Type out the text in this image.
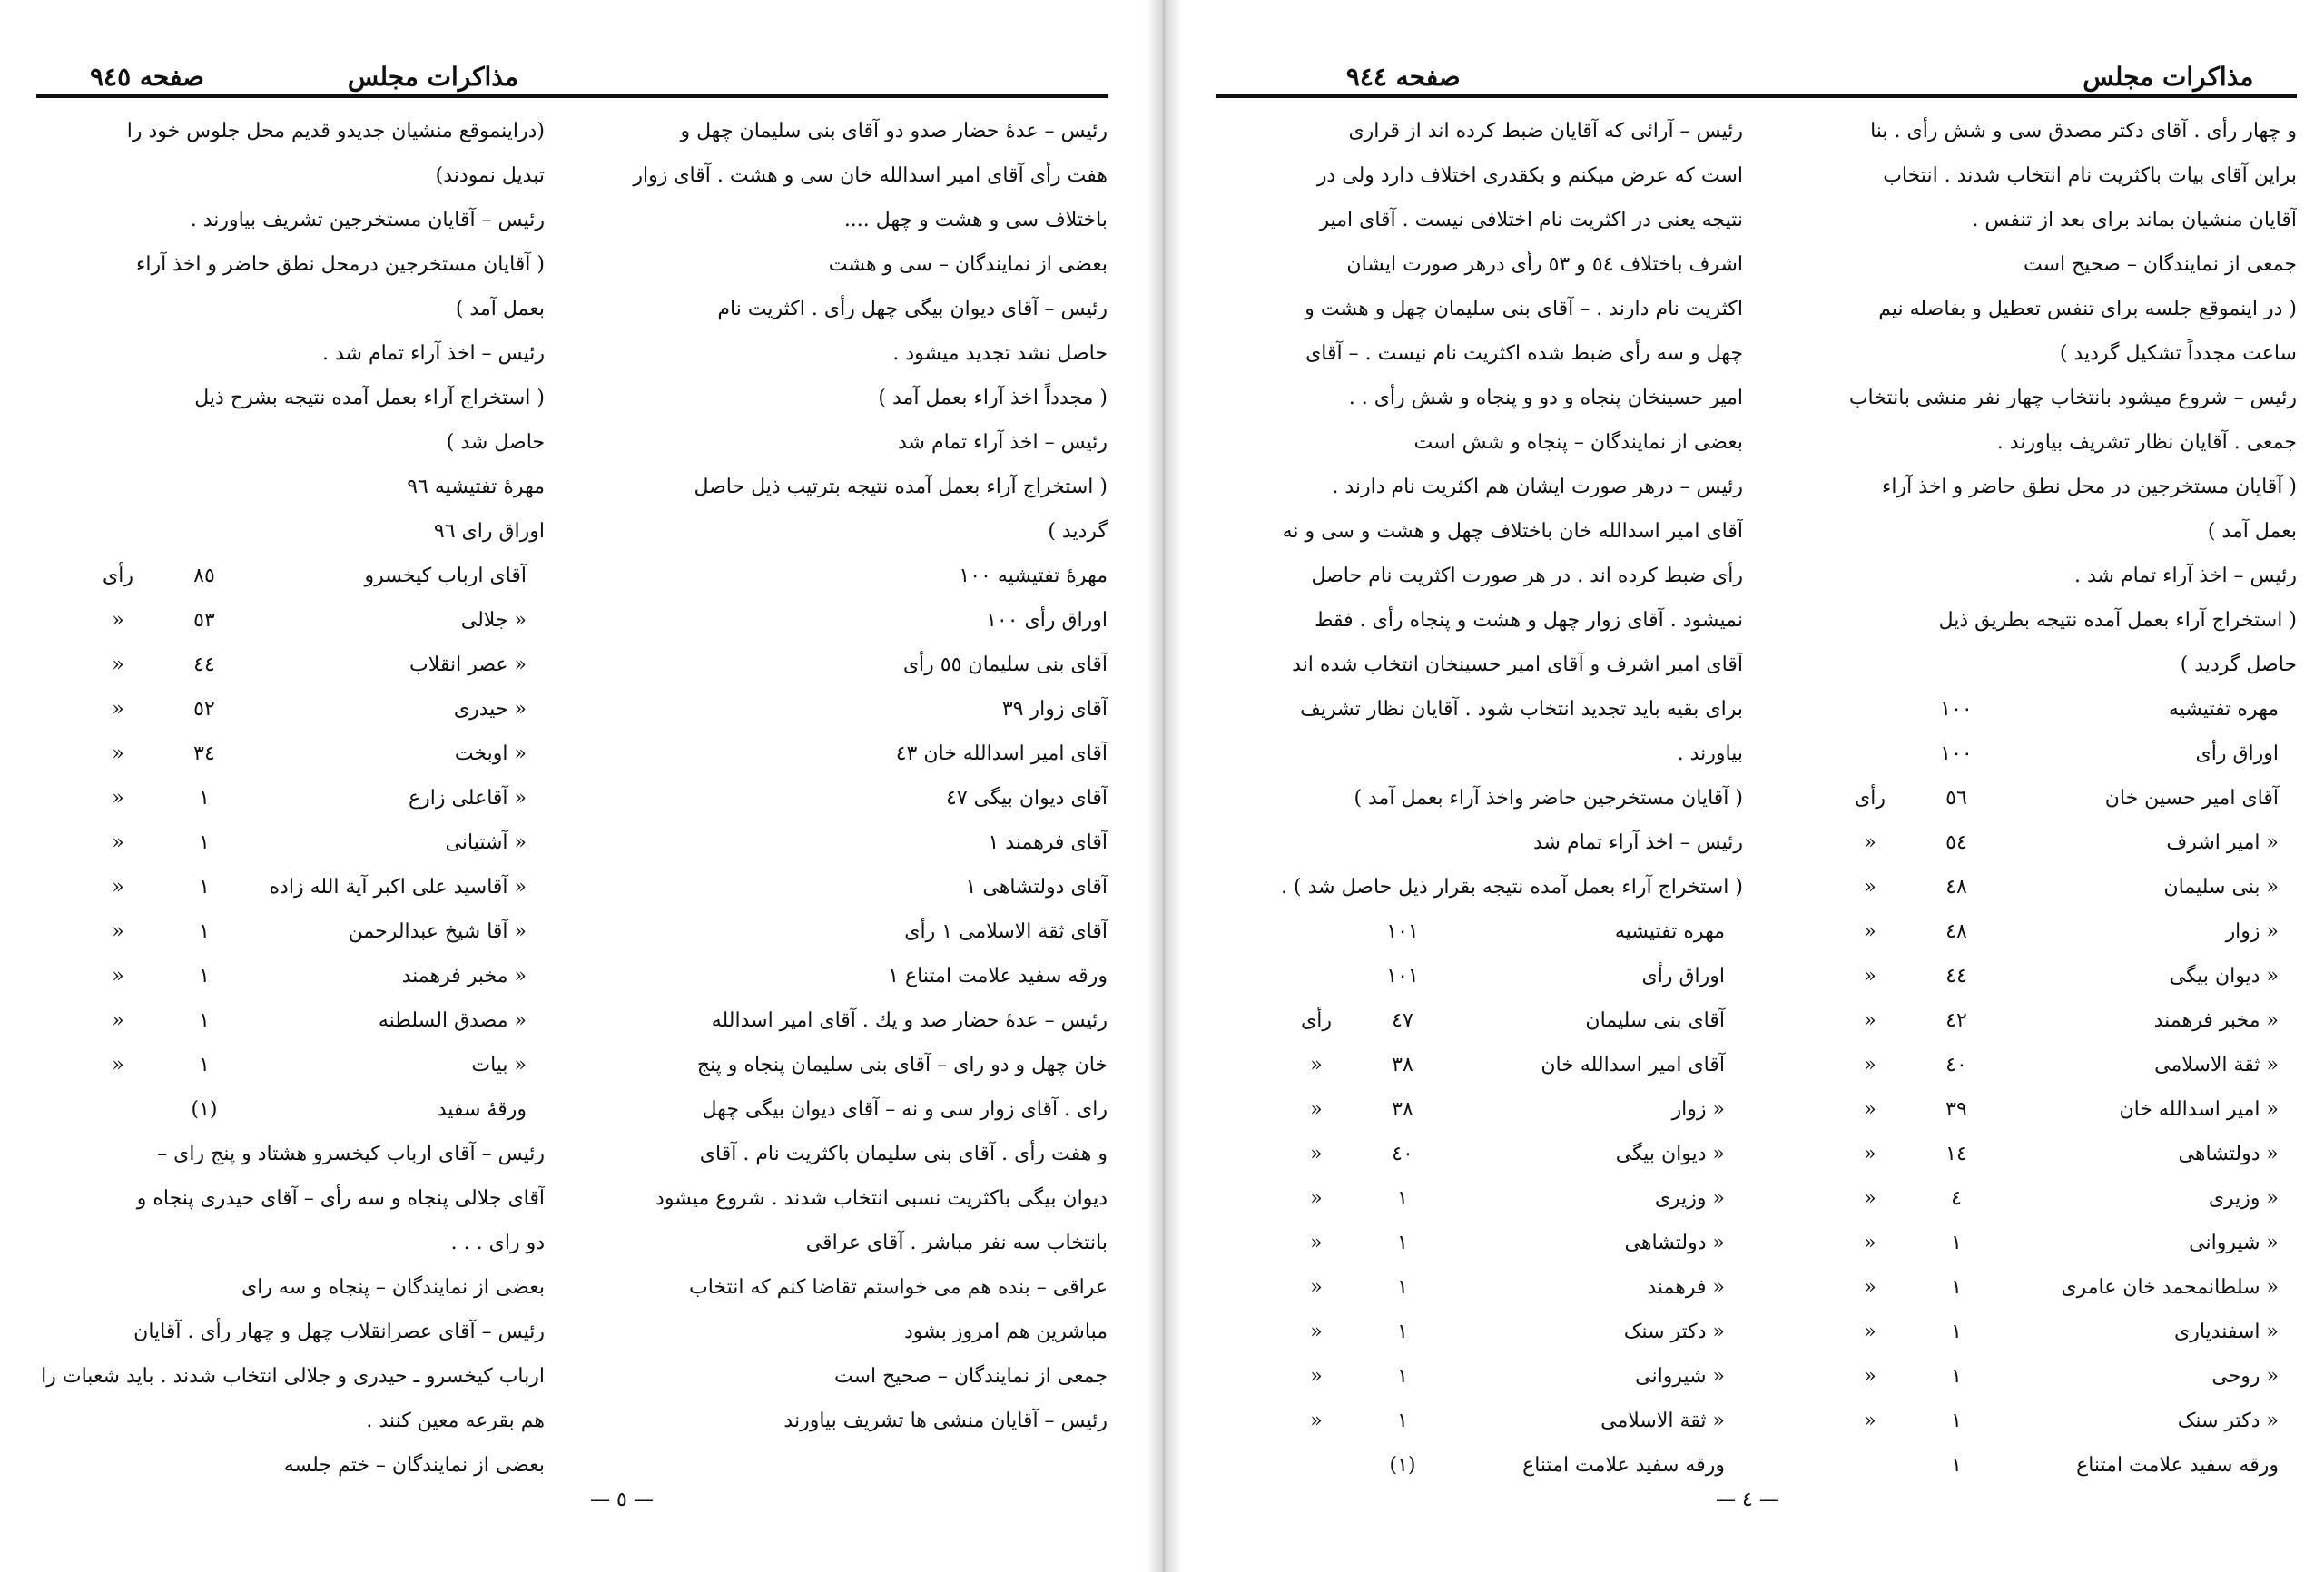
مذاكرات مجلس
صفحه ٩٤٥

رئیس – عدهٔ حضار صدو دو آقای بنی سلیمان چهل و

هفت رأی آقای امیر اسدالله خان سی و هشت . آقای زوار

باختلاف سی و هشت و چهل ....

بعضی از نمایندگان – سی و هشت

رئیس – آقای دیوان بیگی چهل رأی . اکثریت نام

حاصل نشد تجدید میشود .

( مجدداً اخذ آراء بعمل آمد )

رئیس – اخذ آراء تمام شد

( استخراج آراء بعمل آمده نتیجه بترتیب ذیل حاصل

گردید )

مهرهٔ تفتیشیه ١٠٠

اوراق رأی ١٠٠

آقای بنی سلیمان ٥٥ رأی

آقای زوار ٣٩

آقای امیر اسدالله خان ٤٣

آقای دیوان بیگی ٤٧

آقای فرهمند ١

آقای دولتشاهی ١

آقای ثقة الاسلامی ١ رأی

ورقه سفید علامت امتناع ١

رئیس – عدهٔ حضار صد و یك . آقای امیر اسدالله

خان چهل و دو رای – آقای بنی سلیمان پنجاه و پنج

رای . آقای زوار سی و نه – آقای دیوان بیگی چهل

و هفت رأی . آقای بنی سلیمان باکثریت نام . آقای

دیوان بیگی باکثریت نسبی انتخاب شدند . شروع میشود

بانتخاب سه نفر مباشر . آقای عراقی

عراقی – بنده هم می خواستم تقاضا کنم که انتخاب

مباشرین هم امروز بشود

جمعی از نمایندگان – صحیح است

رئیس – آقایان منشی ها تشریف بیاورند

(دراینموقع منشیان جدیدو قدیم محل جلوس خود را

تبدیل نمودند)

رئیس – آقایان مستخرجین تشریف بیاورند .

( آقایان مستخرجین درمحل نطق حاضر و اخذ آراء

بعمل آمد )

رئیس – اخذ آراء تمام شد .

( استخراج آراء بعمل آمده نتیجه بشرح ذیل

حاصل شد )

مهرهٔ تفتیشیه ٩٦

اوراق رای ٩٦

آقای ارباب کیخسرو
٨٥
رأی
« جلالی
٥٣
«
« عصر انقلاب
٤٤
«
« حیدری
٥٢
«
« اوبخت
٣٤
«
« آقاعلی زارع
١
«
« آشتیانی
١
«
« آقاسید علی اکبر آیة الله زاده
١
«
« آقا شیخ عبدالرحمن
١
«
« مخبر فرهمند
١
«
« مصدق السلطنه
١
«
« بیات
١
«
ورقهٔ سفید
(١)

رئیس – آقای ارباب کیخسرو هشتاد و پنج رای –

آقای جلالی پنجاه و سه رأی – آقای حیدری پنجاه و

دو رای . . .

بعضی از نمایندگان – پنجاه و سه رای

رئیس – آقای عصرانقلاب چهل و چهار رأی . آقایان

ارباب کیخسرو ـ حیدری و جلالی انتخاب شدند . باید شعبات را

هم بقرعه معین کنند .

بعضی از نمایندگان – ختم جلسه

— ٥ —
مذاکرات مجلس
صفحه ٩٤٤

و چهار رأی . آقای دکتر مصدق سی و شش رأی . بنا

براین آقای بیات باکثریت نام انتخاب شدند . انتخاب

آقایان منشیان بماند برای بعد از تنفس .

جمعی از نمایندگان – صحیح است

( در اینموقع جلسه برای تنفس تعطیل و بفاصله نیم

ساعت مجدداً تشکیل گردید )

رئیس – شروع میشود بانتخاب چهار نفر منشی بانتخاب

جمعی . آقایان نظار تشریف بیاورند .

( آقایان مستخرجین در محل نطق حاضر و اخذ آراء

بعمل آمد )

رئیس – اخذ آراء تمام شد .

( استخراج آراء بعمل آمده نتیجه بطریق ذیل

حاصل گردید )

مهره تفتیشیه
١٠٠
اوراق رأی
١٠٠
آقای امیر حسین خان
٥٦
رأی
« امیر اشرف
٥٤
«
« بنی سلیمان
٤٨
«
« زوار
٤٨
«
« دیوان بیگی
٤٤
«
« مخبر فرهمند
٤٢
«
« ثقة الاسلامی
٤٠
«
« امیر اسدالله خان
٣٩
«
« دولتشاهی
١٤
«
« وزیری
٤
«
« شیروانی
١
«
« سلطانمحمد خان عامری
١
«
« اسفندیاری
١
«
« روحی
١
«
« دکتر سنک
١
«
ورقه سفید علامت امتناع
١

رئیس – آرائی که آقایان ضبط کرده اند از قراری

است که عرض میکنم و بکقدری اختلاف دارد ولی در

نتیجه یعنی در اکثریت نام اختلافی نیست . آقای امیر

اشرف باختلاف ٥٤ و ٥٣ رأی درهر صورت ایشان

اکثریت نام دارند . – آقای بنی سلیمان چهل و هشت و

چهل و سه رأی ضبط شده اکثریت نام نیست . – آقای

امیر حسینخان پنجاه و دو و پنجاه و شش رأی . .

بعضی از نمایندگان – پنجاه و شش است

رئیس – درهر صورت ایشان هم اکثریت نام دارند .

آقای امیر اسدالله خان باختلاف چهل و هشت و سی و نه

رأی ضبط کرده اند . در هر صورت اکثریت نام حاصل

نمیشود . آقای زوار چهل و هشت و پنجاه رأی . فقط

آقای امیر اشرف و آقای امیر حسینخان انتخاب شده اند

برای بقیه باید تجدید انتخاب شود . آقایان نظار تشریف

بیاورند .

( آقایان مستخرجین حاضر واخذ آراء بعمل آمد )

رئیس – اخذ آراء تمام شد

( استخراج آراء بعمل آمده نتیجه بقرار ذیل حاصل شد ) .

مهره تفتیشیه
١٠١
اوراق رأی
١٠١
آقای بنی سلیمان
٤٧
رأی
آقای امیر اسدالله خان
٣٨
«
« زوار
٣٨
«
« دیوان بیگی
٤٠
«
« وزیری
١
«
« دولتشاهی
١
«
« فرهمند
١
«
« دکتر سنک
١
«
« شیروانی
١
«
« ثقة الاسلامی
١
«
ورقه سفید علامت امتناع
(١)
— ٤ —
